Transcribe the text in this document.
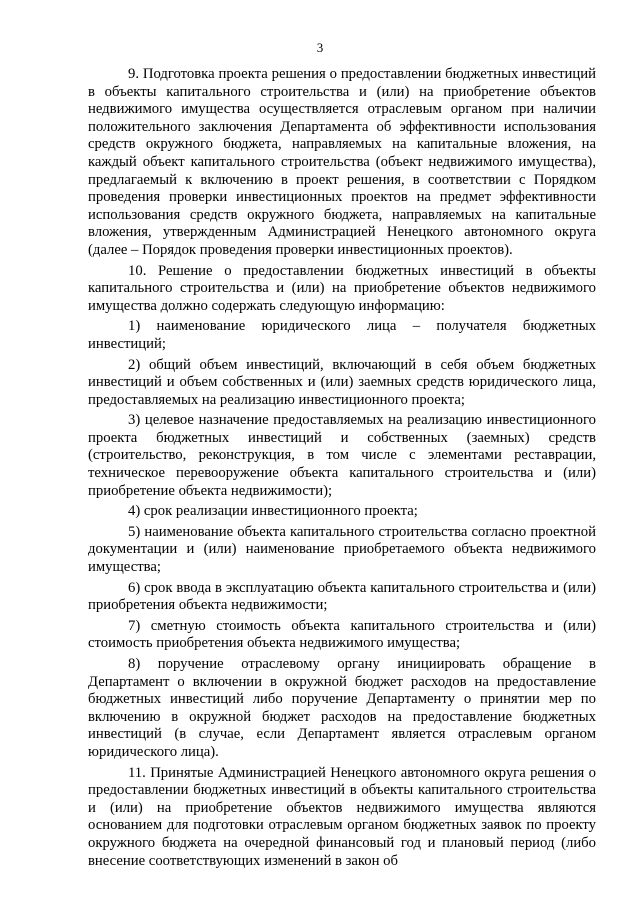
3

9. Подготовка проекта решения о предоставлении бюджетных инвестиций в объекты капитального строительства и (или) на приобретение объектов недвижимого имущества осуществляется отраслевым органом при наличии положительного заключения Департамента об эффективности использования средств окружного бюджета, направляемых на капитальные вложения, на каждый объект капитального строительства (объект недвижимого имущества), предлагаемый к включению в проект решения, в соответствии с Порядком проведения проверки инвестиционных проектов на предмет эффективности использования средств окружного бюджета, направляемых на капитальные вложения, утвержденным Администрацией Ненецкого автономного округа (далее – Порядок проведения проверки инвестиционных проектов).

10. Решение о предоставлении бюджетных инвестиций в объекты капитального строительства и (или) на приобретение объектов недвижимого имущества должно содержать следующую информацию:

1) наименование юридического лица – получателя бюджетных инвестиций;

2) общий объем инвестиций, включающий в себя объем бюджетных инвестиций и объем собственных и (или) заемных средств юридического лица, предоставляемых на реализацию инвестиционного проекта;

3) целевое назначение предоставляемых на реализацию инвестиционного проекта бюджетных инвестиций и собственных (заемных) средств (строительство, реконструкция, в том числе с элементами реставрации, техническое перевооружение объекта капитального строительства и (или) приобретение объекта недвижимости);

4) срок реализации инвестиционного проекта;

5) наименование объекта капитального строительства согласно проектной документации и (или) наименование приобретаемого объекта недвижимого имущества;

6) срок ввода в эксплуатацию объекта капитального строительства и (или) приобретения объекта недвижимости;

7) сметную стоимость объекта капитального строительства и (или) стоимость приобретения объекта недвижимого имущества;

8) поручение отраслевому органу инициировать обращение в Департамент о включении в окружной бюджет расходов на предоставление бюджетных инвестиций либо поручение Департаменту о принятии мер по включению в окружной бюджет расходов на предоставление бюджетных инвестиций (в случае, если Департамент является отраслевым органом юридического лица).

11. Принятые Администрацией Ненецкого автономного округа решения о предоставлении бюджетных инвестиций в объекты капитального строительства и (или) на приобретение объектов недвижимого имущества являются основанием для подготовки отраслевым органом бюджетных заявок по проекту окружного бюджета на очередной финансовый год и плановый период (либо внесение соответствующих изменений в закон об
